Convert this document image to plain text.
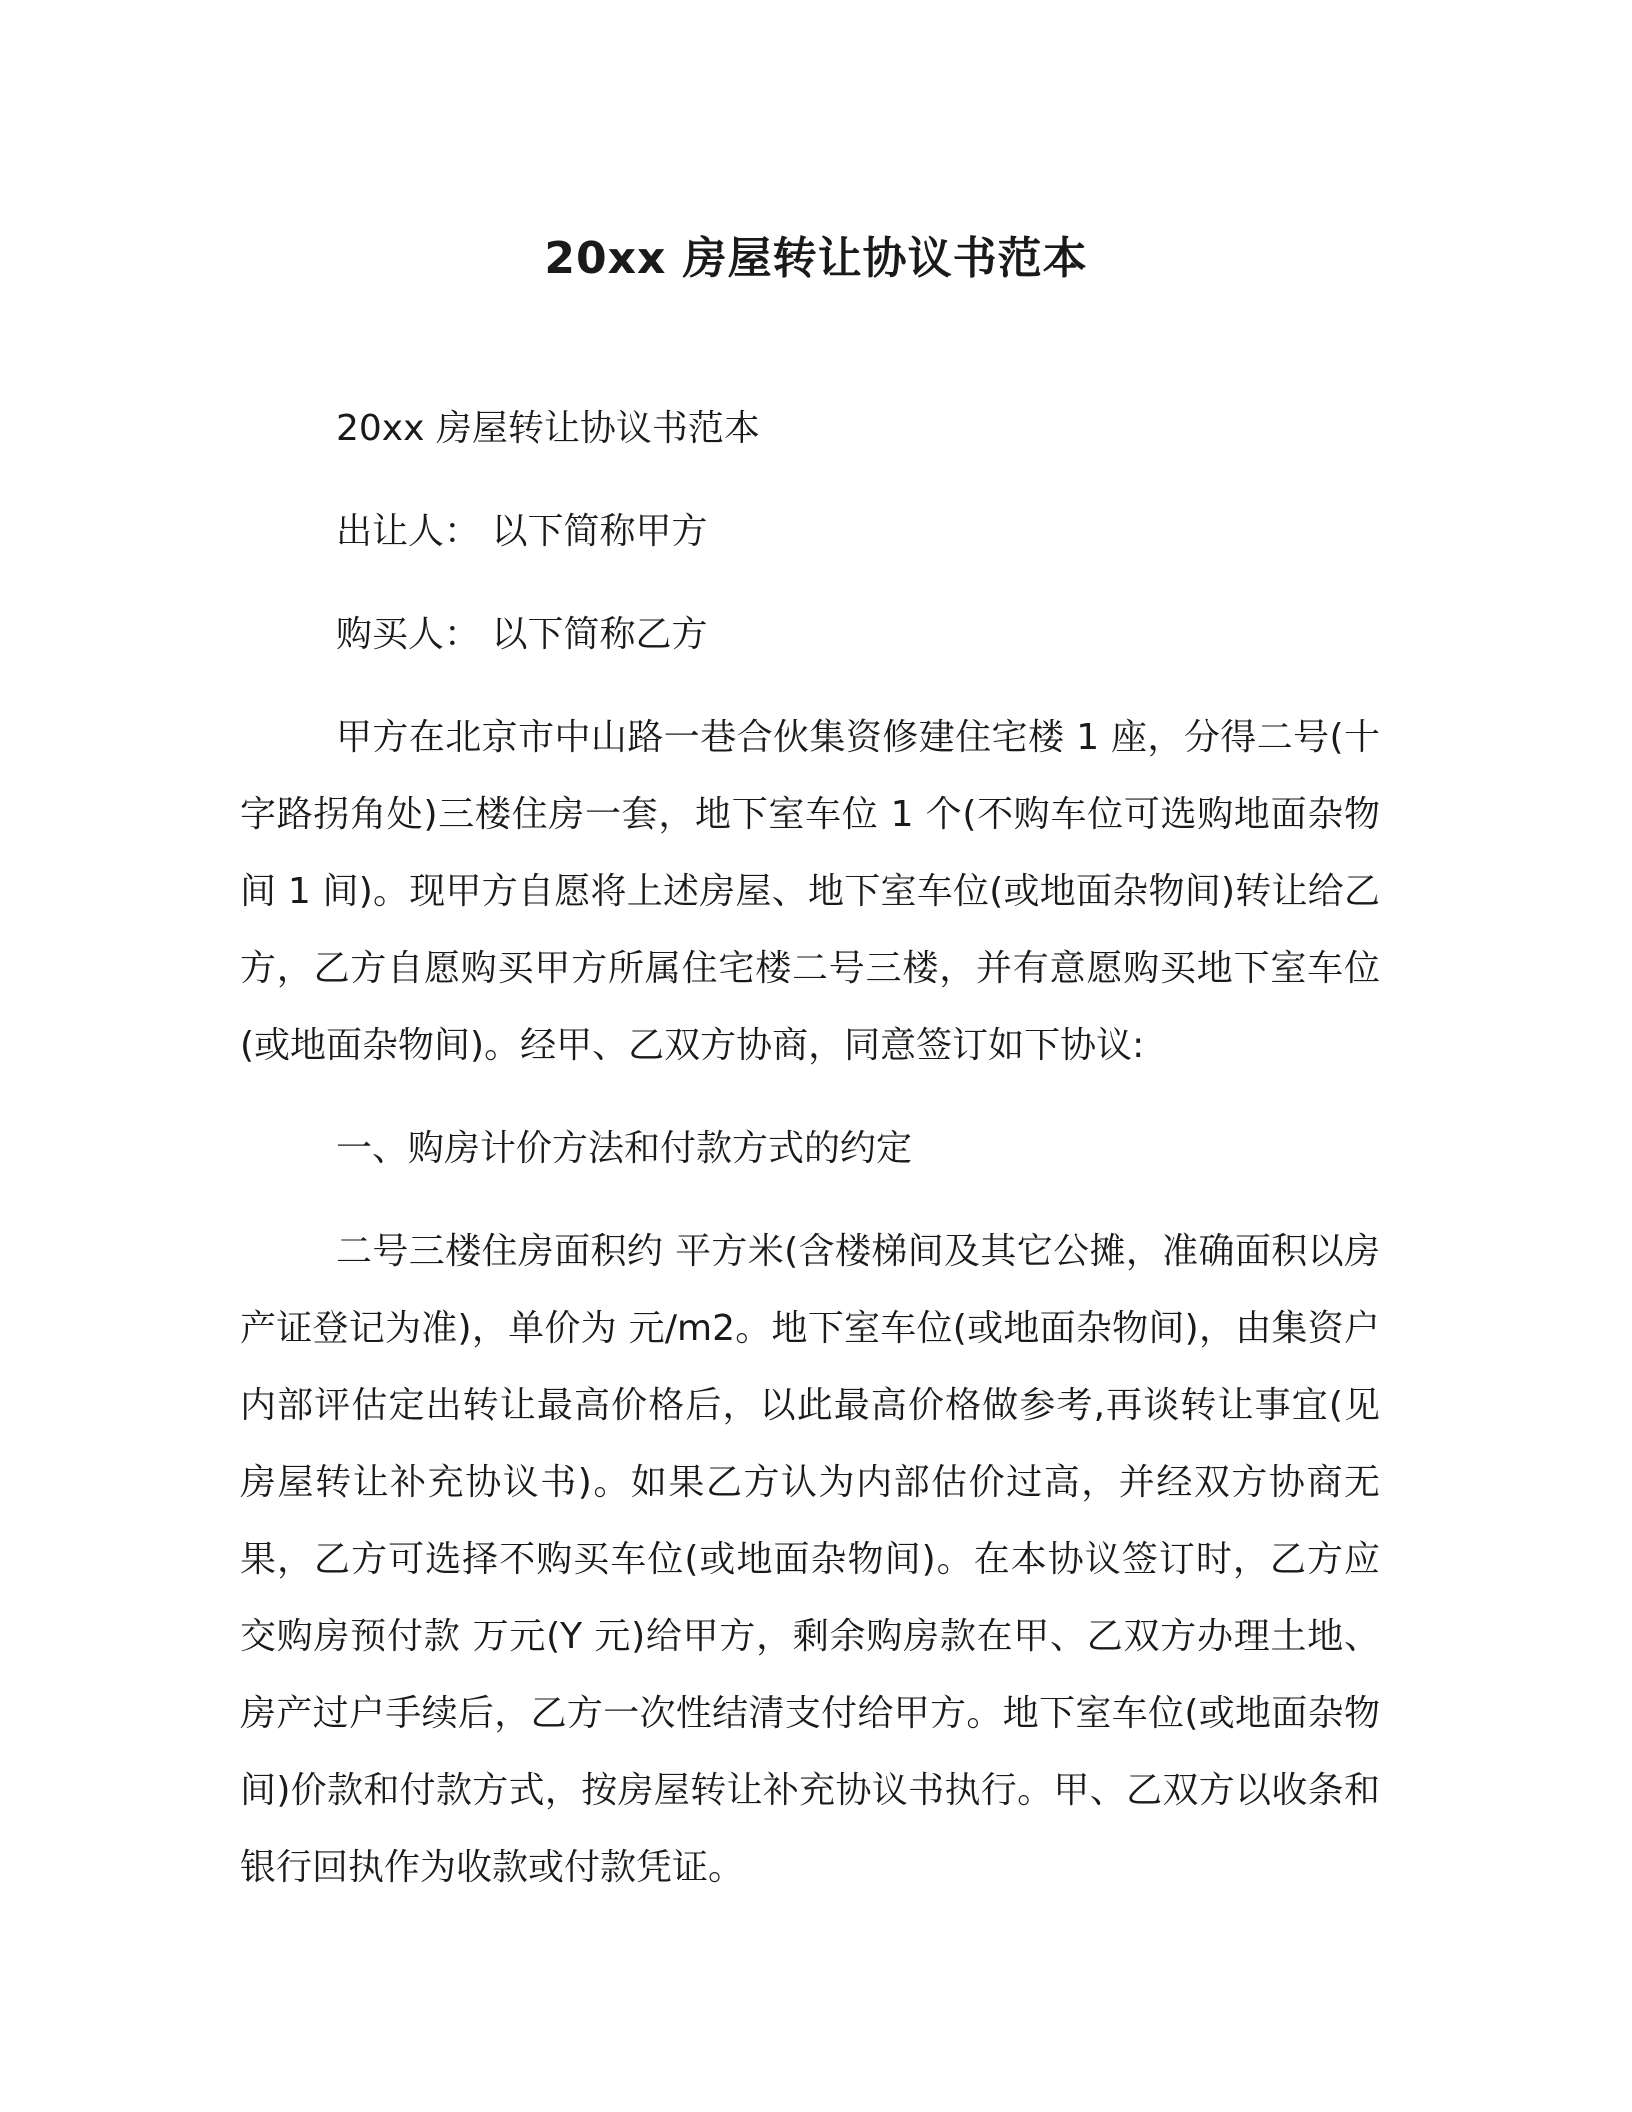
20xx 房屋转让协议书范本

20xx 房屋转让协议书范本

出让人： 以下简称甲方

购买人： 以下简称乙方

甲方在北京市中山路一巷合伙集资修建住宅楼 1 座，分得二号(十字路拐角处)三楼住房一套，地下室车位 1 个(不购车位可选购地面杂物间 1 间)。现甲方自愿将上述房屋、地下室车位(或地面杂物间)转让给乙方，乙方自愿购买甲方所属住宅楼二号三楼，并有意愿购买地下室车位(或地面杂物间)。经甲、乙双方协商，同意签订如下协议:

一、购房计价方法和付款方式的约定

二号三楼住房面积约 平方米(含楼梯间及其它公摊，准确面积以房产证登记为准)，单价为 元/m2。地下室车位(或地面杂物间)，由集资户内部评估定出转让最高价格后，以此最高价格做参考,再谈转让事宜(见房屋转让补充协议书)。如果乙方认为内部估价过高，并经双方协商无果，乙方可选择不购买车位(或地面杂物间)。在本协议签订时，乙方应交购房预付款 万元(Y 元)给甲方，剩余购房款在甲、乙双方办理土地、房产过户手续后，乙方一次性结清支付给甲方。地下室车位(或地面杂物间)价款和付款方式，按房屋转让补充协议书执行。甲、乙双方以收条和银行回执作为收款或付款凭证。
